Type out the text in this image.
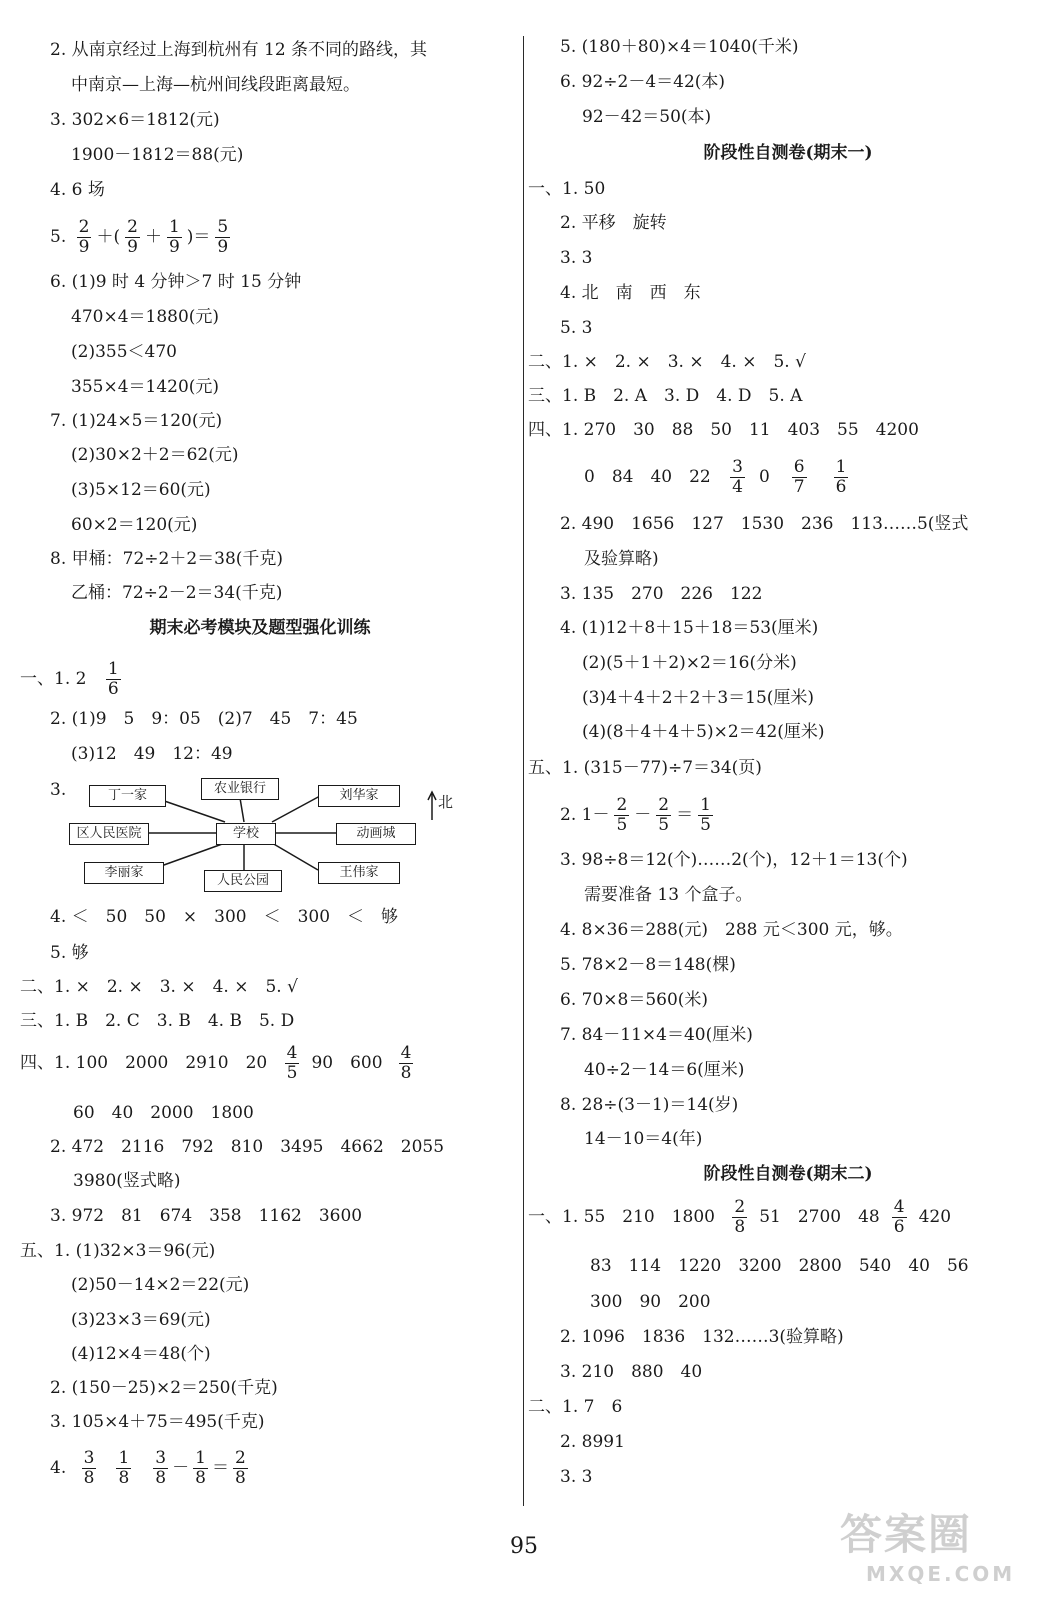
2. 从南京经过上海到杭州有 12 条不同的路线，其
中南京—上海—杭州间线段距离最短。
3. 302×6＝1812(元)
1900－1812＝88(元)
4. 6 场
5. $\frac{2}{9}$ ＋( $\frac{2}{9} + \frac{1}{9}$ )＝ $\frac{5}{9}$
6. (1)9 时 4 分钟＞7 时 15 分钟
470×4＝1880(元)
(2)355＜470
355×4＝1420(元)
7. (1)24×5＝120(元)
(2)30×2＋2＝62(元)
(3)5×12＝60(元)
60×2＝120(元)
8. 甲桶：72÷2＋2＝38(千克)
乙桶：72÷2－2＝34(千克)
期末必考模块及题型强化训练
一、1. $2 \frac{1}{6}$
2. (1)9　5　9：05　(2)7　45　7：45
(3)12　49　12：49
3.	丁一家	农业银行	刘华家
区人民医院	学校	动画城
李丽家
人民公园
王伟家
北
4. ＜　50　50　×　300　＜　300　＜　够
5. 够
二、1. ×　2. ×　3. ×　4. ×　5. √
三、1. B　2. C　3. B　4. B　5. D
四、1. 100　2000　2910　$20 \frac{4}{5} 90$　$600 \frac{4}{8}$
60　40　2000　1800
2. 472　2116　792　810　3495　4662　2055
3980(竖式略)
3. 972　81　674　358　1162　3600
五、1. (1)32×3＝96(元)
(2)50－14×2＝22(元)
(3)23×3＝69(元)
(4)12×4＝48(个)
2. (150－25)×2＝250(千克)
3. 105×4＋75＝495(千克)
4. $\frac{3}{8} \frac{1}{8} \frac{3}{8} - \frac{1}{8} = \frac{2}{8}$
5. (180＋80)×4＝1040(千米)
6. 92÷2－4＝42(本)
92－42＝50(本)
阶段性自测卷(期末一)
一、1. 50
2. 平移　旋转
3. 3
4. 北　南　西　东
5. 3
二、1. ×　2. ×　3. ×　4. ×　5. √
三、1. B　2. A　3. D　4. D　5. A
四、1. 270　30　88　50　11　403　55　4200
0　84　40　$22 \frac{3}{4} 0 \frac{6}{7} \frac{1}{6}$
2. 490　1656　127　1530　236　113……5(竖式
及验算略)
3. 135　270　226　122
4. (1)12＋8＋15＋18＝53(厘米)
(2)(5＋1＋2)×2＝16(分米)
(3)4＋4＋2＋2＋3＝15(厘米)
(4)(8＋4＋4＋5)×2＝42(厘米)
五、1. (315－77)÷7＝34(页)
2. $1- \frac{2}{5} - \frac{2}{5} = \frac{1}{5}$
3. 98÷8＝12(个)……2(个)，12＋1＝13(个)
需要准备 13 个盒子。
4. 8×36＝288(元)　288 元＜300 元，够。
5. 78×2－8＝148(棵)
6. 70×8＝560(米)
7. 84－11×4＝40(厘米)
40÷2－14＝6(厘米)
8. 28÷(3－1)＝14(岁)
14－10＝4(年)
阶段性自测卷(期末二)
一、1. 55　210　$1800 \frac{2}{8} 51$　2700　$48 \frac{4}{6} 420$
83　114　1220　3200　2800　540　40　56
300　90　200
2. 1096　1836　132……3(验算略)
3. 210　880　40
二、1. 7　6
2. 8991
3. 3
95	答案圈
MXQE.COM
